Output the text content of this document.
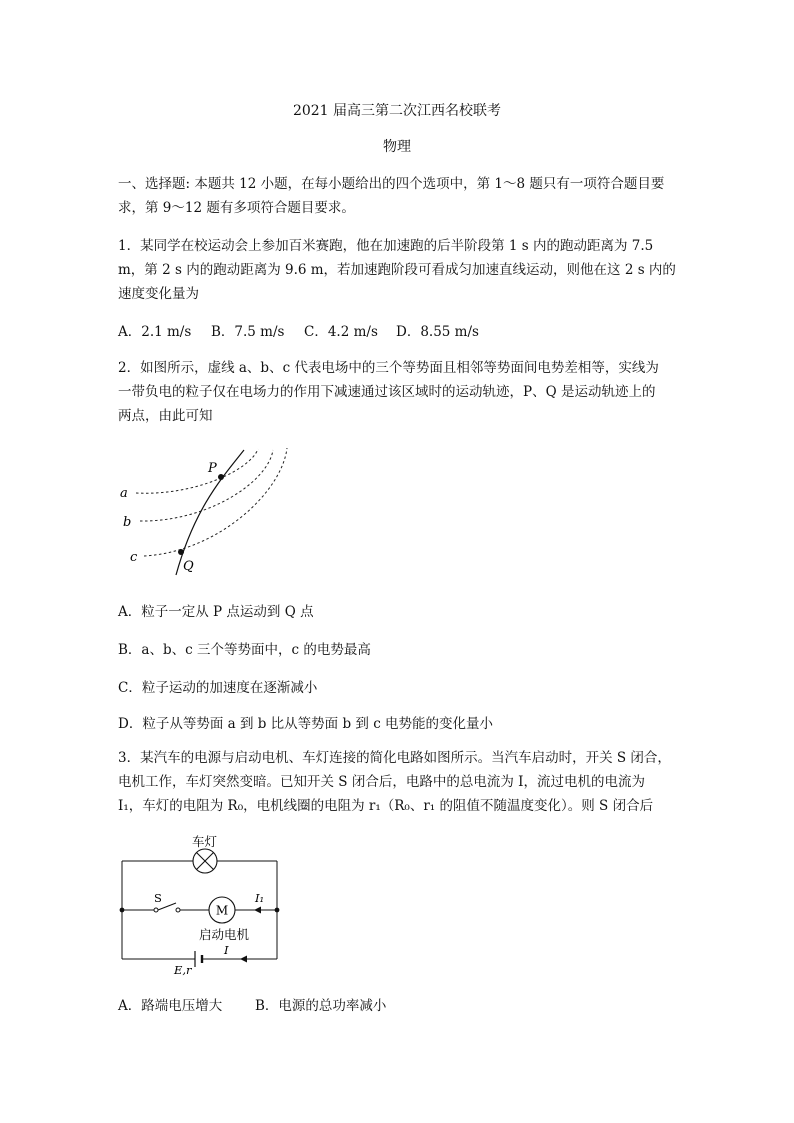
2021 届高三第二次江西名校联考
物理
一、选择题: 本题共 12 小题，在每小题给出的四个选项中，第 1～8 题只有一项符合题目要
求，第 9～12 题有多项符合题目要求。
1．某同学在校运动会上参加百米赛跑，他在加速跑的后半阶段第 1 s 内的跑动距离为 7.5
m，第 2 s 内的跑动距离为 9.6 m，若加速跑阶段可看成匀加速直线运动，则他在这 2 s 内的
速度变化量为
A．2.1 m/s B．7.5 m/s C．4.2 m/s D．8.55 m/s
2．如图所示，虚线 a、b、c 代表电场中的三个等势面且相邻等势面间电势差相等，实线为
一带负电的粒子仅在电场力的作用下减速通过该区域时的运动轨迹，P、Q 是运动轨迹上的
两点，由此可知
a
b
c
P
Q
A．粒子一定从 P 点运动到 Q 点
B．a、b、c 三个等势面中，c 的电势最高
C．粒子运动的加速度在逐渐减小
D．粒子从等势面 a 到 b 比从等势面 b 到 c 电势能的变化量小
3．某汽车的电源与启动电机、车灯连接的简化电路如图所示。当汽车启动时，开关 S 闭合，
电机工作，车灯突然变暗。已知开关 S 闭合后，电路中的总电流为 I，流过电机的电流为
I₁，车灯的电阻为 R₀，电机线圈的电阻为 r₁（R₀、r₁ 的阻值不随温度变化）。则 S 闭合后
车灯
S
M
I₁
启动电机
E,r
I
A．路端电压增大 B．电源的总功率减小
